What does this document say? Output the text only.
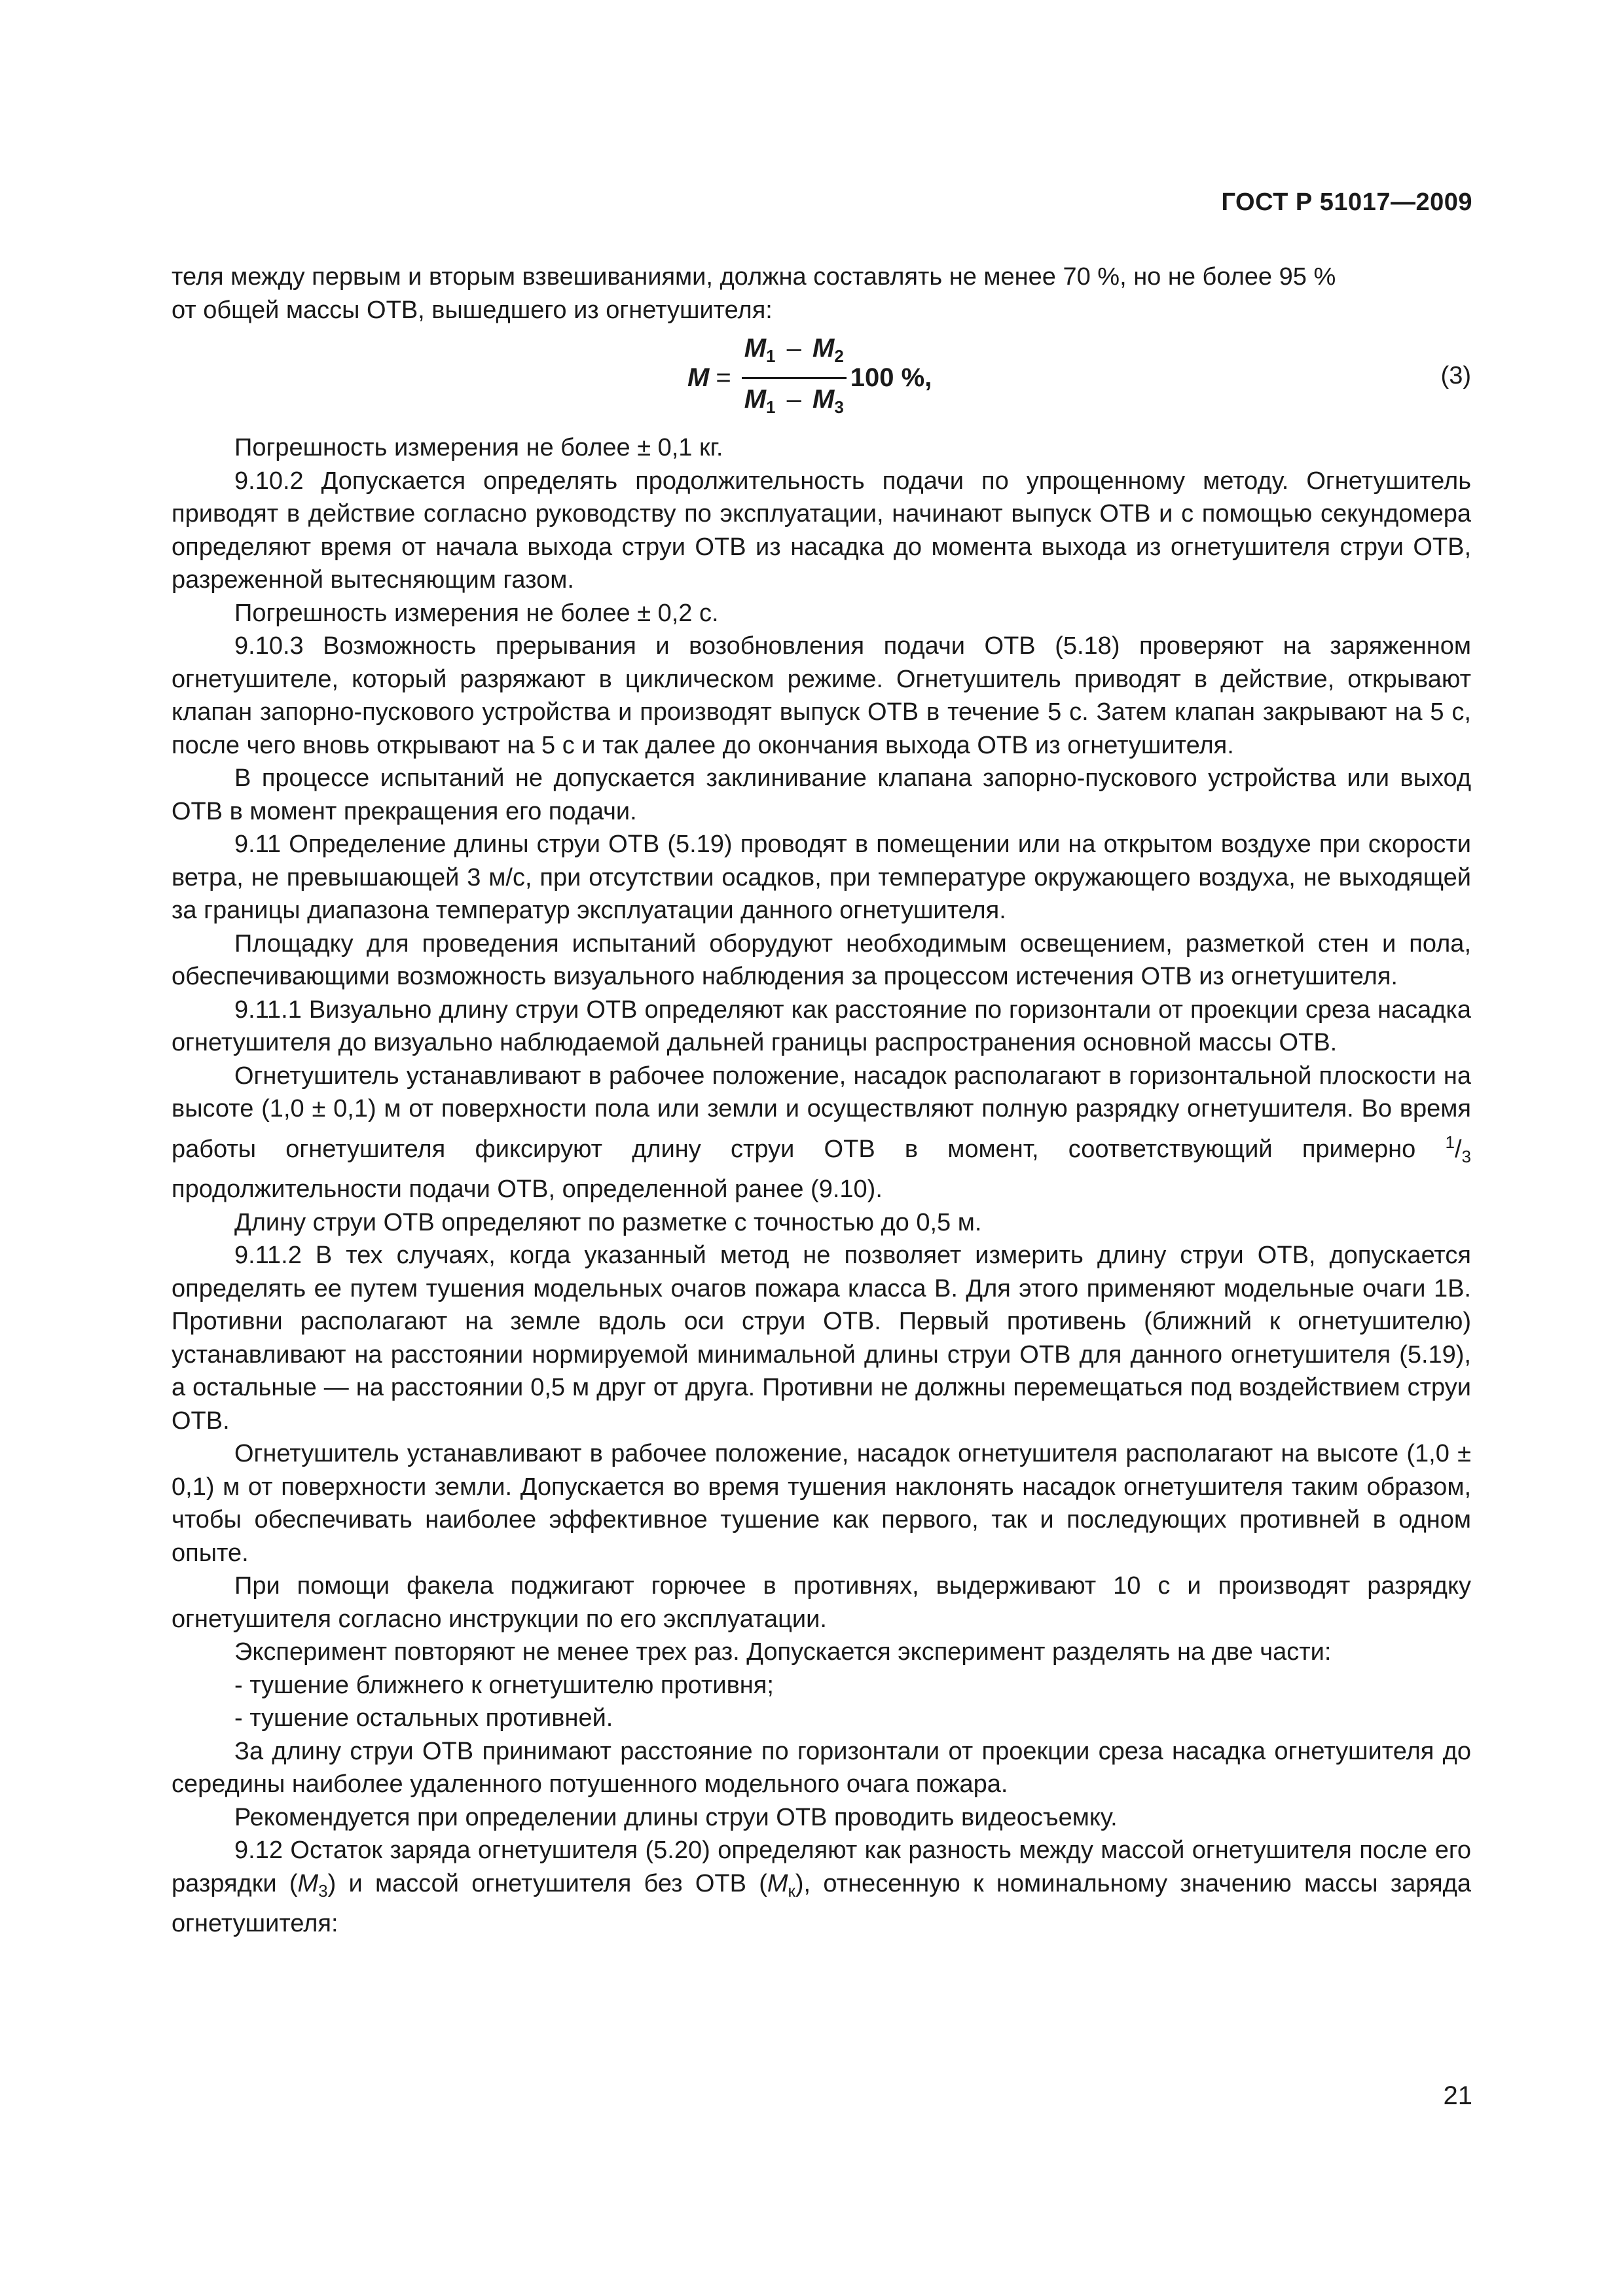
ГОСТ Р 51017—2009

теля между первым и вторым взвешиваниями, должна составлять не менее 70 %, но не более 95 %

от общей массы ОТВ, вышедшего из огнетушителя:

$M = \frac{M_1 - M_2}{M_1 - M_3} 100$ %,	(3)

Погрешность измерения не более ± 0,1 кг.

9.10.2 Допускается определять продолжительность подачи по упрощенному методу. Огнетушитель приводят в действие согласно руководству по эксплуатации, начинают выпуск ОТВ и с помощью секундомера определяют время от начала выхода струи ОТВ из насадка до момента выхода из огнетушителя струи ОТВ, разреженной вытесняющим газом.

Погрешность измерения не более ± 0,2 с.

9.10.3 Возможность прерывания и возобновления подачи ОТВ (5.18) проверяют на заряженном огнетушителе, который разряжают в циклическом режиме. Огнетушитель приводят в действие, открывают клапан запорно-пускового устройства и производят выпуск ОТВ в течение 5 с. Затем клапан закрывают на 5 с, после чего вновь открывают на 5 с и так далее до окончания выхода ОТВ из огнетушителя.

В процессе испытаний не допускается заклинивание клапана запорно-пускового устройства или выход ОТВ в момент прекращения его подачи.

9.11 Определение длины струи ОТВ (5.19) проводят в помещении или на открытом воздухе при скорости ветра, не превышающей 3 м/с, при отсутствии осадков, при температуре окружающего воздуха, не выходящей за границы диапазона температур эксплуатации данного огнетушителя.

Площадку для проведения испытаний оборудуют необходимым освещением, разметкой стен и пола, обеспечивающими возможность визуального наблюдения за процессом истечения ОТВ из огнетушителя.

9.11.1 Визуально длину струи ОТВ определяют как расстояние по горизонтали от проекции среза насадка огнетушителя до визуально наблюдаемой дальней границы распространения основной массы ОТВ.

Огнетушитель устанавливают в рабочее положение, насадок располагают в горизонтальной плоскости на высоте (1,0 ± 0,1) м от поверхности пола или земли и осуществляют полную разрядку огнетушителя. Во время работы огнетушителя фиксируют длину струи ОТВ в момент, соответствующий примерно $^1/_3$ продолжительности подачи ОТВ, определенной ранее (9.10).

Длину струи ОТВ определяют по разметке с точностью до 0,5 м.

9.11.2 В тех случаях, когда указанный метод не позволяет измерить длину струи ОТВ, допускается определять ее путем тушения модельных очагов пожара класса В. Для этого применяют модельные очаги 1В. Противни располагают на земле вдоль оси струи ОТВ. Первый противень (ближний к огнетушителю) устанавливают на расстоянии нормируемой минимальной длины струи ОТВ для данного огнетушителя (5.19), а остальные — на расстоянии 0,5 м друг от друга. Противни не должны перемещаться под воздействием струи ОТВ.

Огнетушитель устанавливают в рабочее положение, насадок огнетушителя располагают на высоте (1,0 ± 0,1) м от поверхности земли. Допускается во время тушения наклонять насадок огнетушителя таким образом, чтобы обеспечивать наиболее эффективное тушение как первого, так и последующих противней в одном опыте.

При помощи факела поджигают горючее в противнях, выдерживают 10 с и производят разрядку огнетушителя согласно инструкции по его эксплуатации.

Эксперимент повторяют не менее трех раз. Допускается эксперимент разделять на две части:

- тушение ближнего к огнетушителю противня;

- тушение остальных противней.

За длину струи ОТВ принимают расстояние по горизонтали от проекции среза насадка огнетушителя до середины наиболее удаленного потушенного модельного очага пожара.

Рекомендуется при определении длины струи ОТВ проводить видеосъемку.

9.12 Остаток заряда огнетушителя (5.20) определяют как разность между массой огнетушителя после его разрядки $(M_3)$ и массой огнетушителя без ОТВ $(M_к)$, отнесенную к номинальному значению массы заряда огнетушителя:

21
